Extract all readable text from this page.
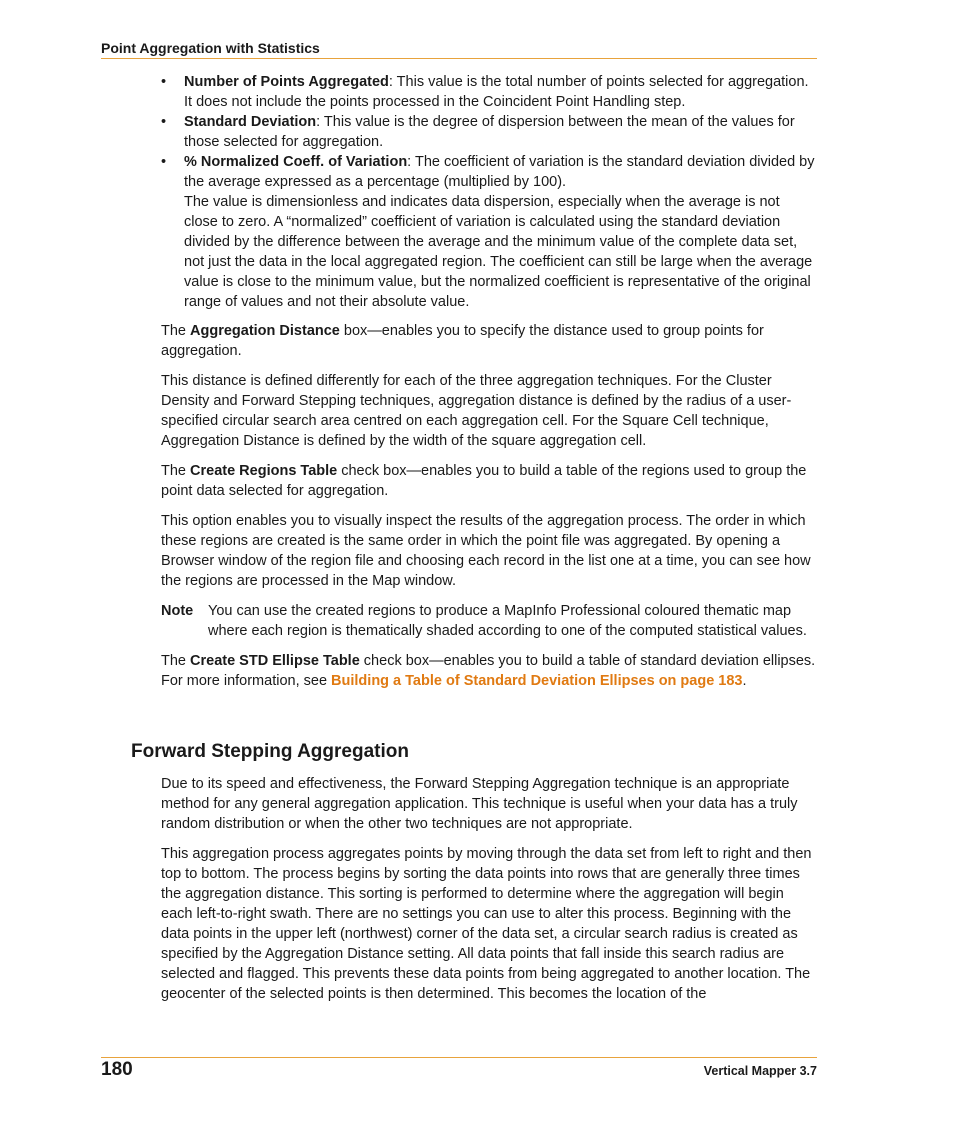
Point Aggregation with Statistics
• Number of Points Aggregated: This value is the total number of points selected for aggregation. It does not include the points processed in the Coincident Point Handling step.
• Standard Deviation: This value is the degree of dispersion between the mean of the values for those selected for aggregation.
• % Normalized Coeff. of Variation: The coefficient of variation is the standard deviation divided by the average expressed as a percentage (multiplied by 100).
The value is dimensionless and indicates data dispersion, especially when the average is not close to zero. A “normalized” coefficient of variation is calculated using the standard deviation divided by the difference between the average and the minimum value of the complete data set, not just the data in the local aggregated region. The coefficient can still be large when the average value is close to the minimum value, but the normalized coefficient is representative of the original range of values and not their absolute value.

The Aggregation Distance box—enables you to specify the distance used to group points for aggregation.

This distance is defined differently for each of the three aggregation techniques. For the Cluster Density and Forward Stepping techniques, aggregation distance is defined by the radius of a user-specified circular search area centred on each aggregation cell. For the Square Cell technique, Aggregation Distance is defined by the width of the square aggregation cell.

The Create Regions Table check box—enables you to build a table of the regions used to group the point data selected for aggregation.

This option enables you to visually inspect the results of the aggregation process. The order in which these regions are created is the same order in which the point file was aggregated. By opening a Browser window of the region file and choosing each record in the list one at a time, you can see how the regions are processed in the Map window.

Note	You can use the created regions to produce a MapInfo Professional coloured thematic map where each region is thematically shaded according to one of the computed statistical values.

The Create STD Ellipse Table check box—enables you to build a table of standard deviation ellipses. For more information, see Building a Table of Standard Deviation Ellipses on page 183.

Forward Stepping Aggregation

Due to its speed and effectiveness, the Forward Stepping Aggregation technique is an appropriate method for any general aggregation application. This technique is useful when your data has a truly random distribution or when the other two techniques are not appropriate.

This aggregation process aggregates points by moving through the data set from left to right and then top to bottom. The process begins by sorting the data points into rows that are generally three times the aggregation distance. This sorting is performed to determine where the aggregation will begin each left-to-right swath. There are no settings you can use to alter this process. Beginning with the data points in the upper left (northwest) corner of the data set, a circular search radius is created as specified by the Aggregation Distance setting. All data points that fall inside this search radius are selected and flagged. This prevents these data points from being aggregated to another location. The geocenter of the selected points is then determined. This becomes the location of the

180	Vertical Mapper 3.7
